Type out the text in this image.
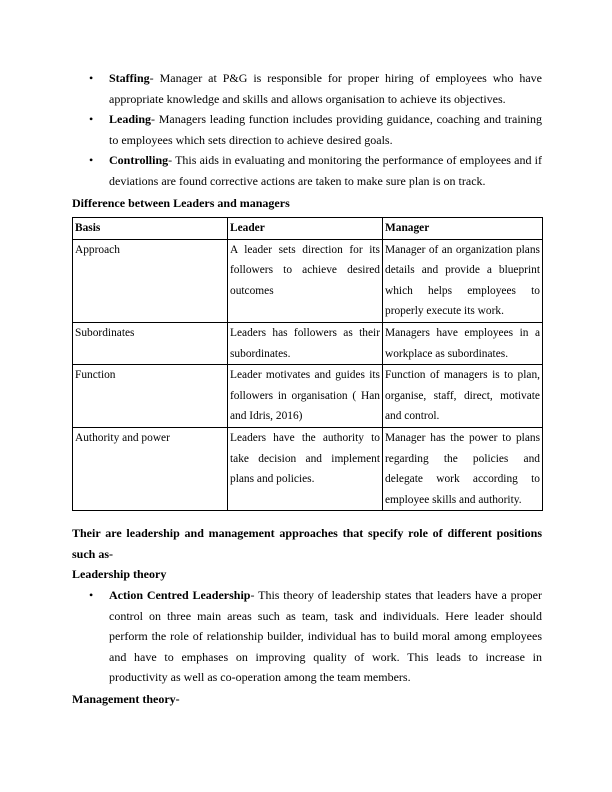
• Staffing- Manager at P&G is responsible for proper hiring of employees who have appropriate knowledge and skills and allows organisation to achieve its objectives.
• Leading- Managers leading function includes providing guidance, coaching and training to employees which sets direction to achieve desired goals.
• Controlling- This aids in evaluating and monitoring the performance of employees and if deviations are found corrective actions are taken to make sure plan is on track.
Difference between Leaders and managers
Basis	Leader	Manager
Approach	A leader sets direction for its followers to achieve desired outcomes	Manager of an organization plans details and provide a blueprint which helps employees to properly execute its work.
Subordinates	Leaders has followers as their subordinates.	Managers have employees in a workplace as subordinates.
Function	Leader motivates and guides its followers in organisation ( Han and Idris, 2016)	Function of managers is to plan, organise, staff, direct, motivate and control.
Authority and power	Leaders have the authority to take decision and implement plans and policies.	Manager has the power to plans regarding the policies and delegate work according to employee skills and authority.
Their are leadership and management approaches that specify role of different positions such as-
Leadership theory
• Action Centred Leadership- This theory of leadership states that leaders have a proper control on three main areas such as team, task and individuals. Here leader should perform the role of relationship builder, individual has to build moral among employees and have to emphases on improving quality of work. This leads to increase in productivity as well as co-operation among the team members.
Management theory-
